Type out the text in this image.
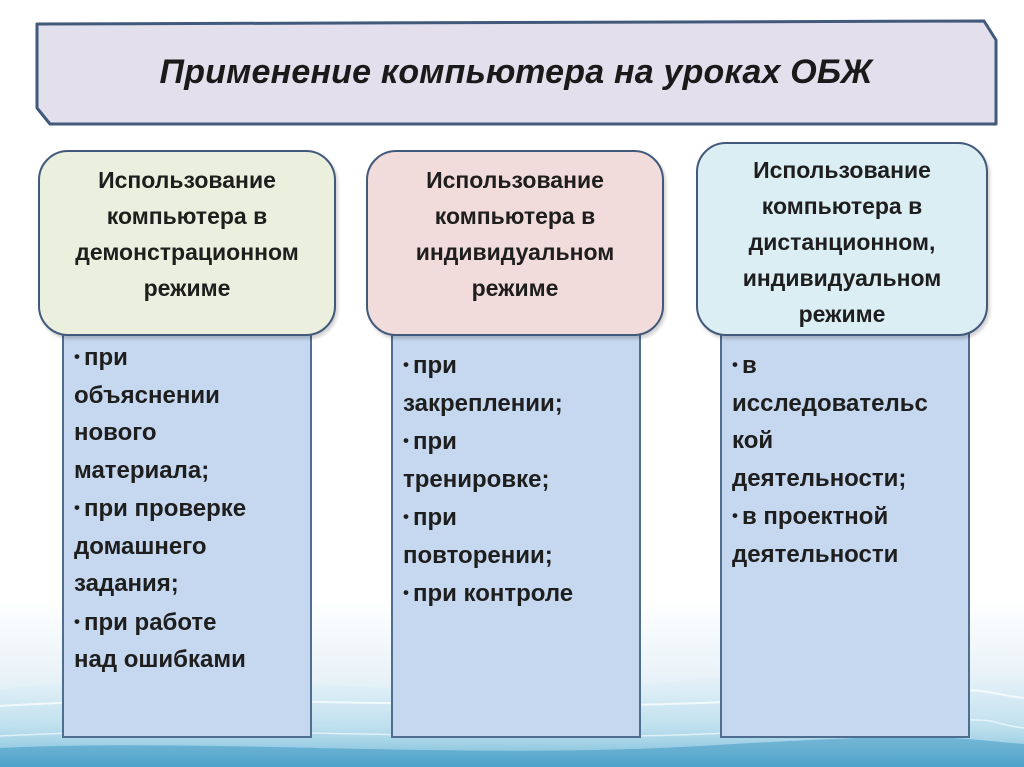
Применение компьютера на уроках ОБЖ
• при
объяснении
нового
материала;
• при проверке
домашнего
задания;
• при работе
над ошибками
• при
закреплении;
• при
тренировке;
• при
повторении;
• при контроле
• в
исследовательс
кой
деятельности;
• в проектной
деятельности
Использование
компьютера в
демонстрационном
режиме
Использование
компьютера в
индивидуальном
режиме
Использование
компьютера в
дистанционном,
индивидуальном
режиме
